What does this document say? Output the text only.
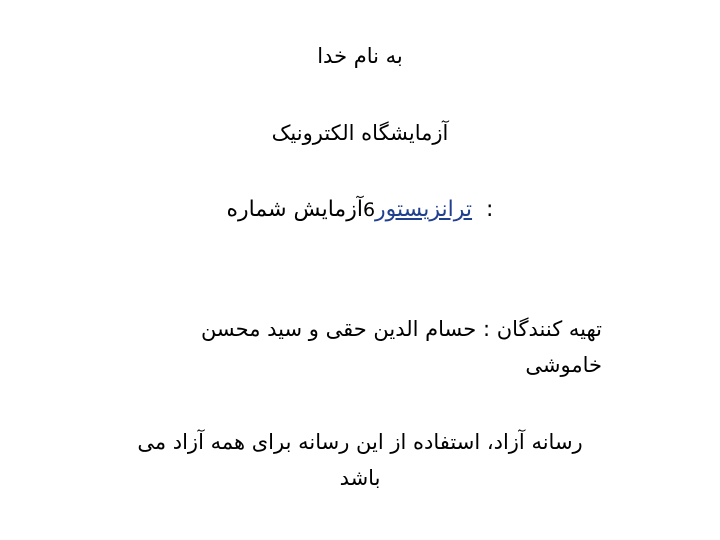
به نام خدا
آزمایشگاه الکترونیک
:ترانزیستور6آزمایش شماره
تهیه کنندگان : حسام الدین حقی و سید محسن خاموشی
رسانه آزاد، استفاده از این رسانه برای همه آزاد می باشد
